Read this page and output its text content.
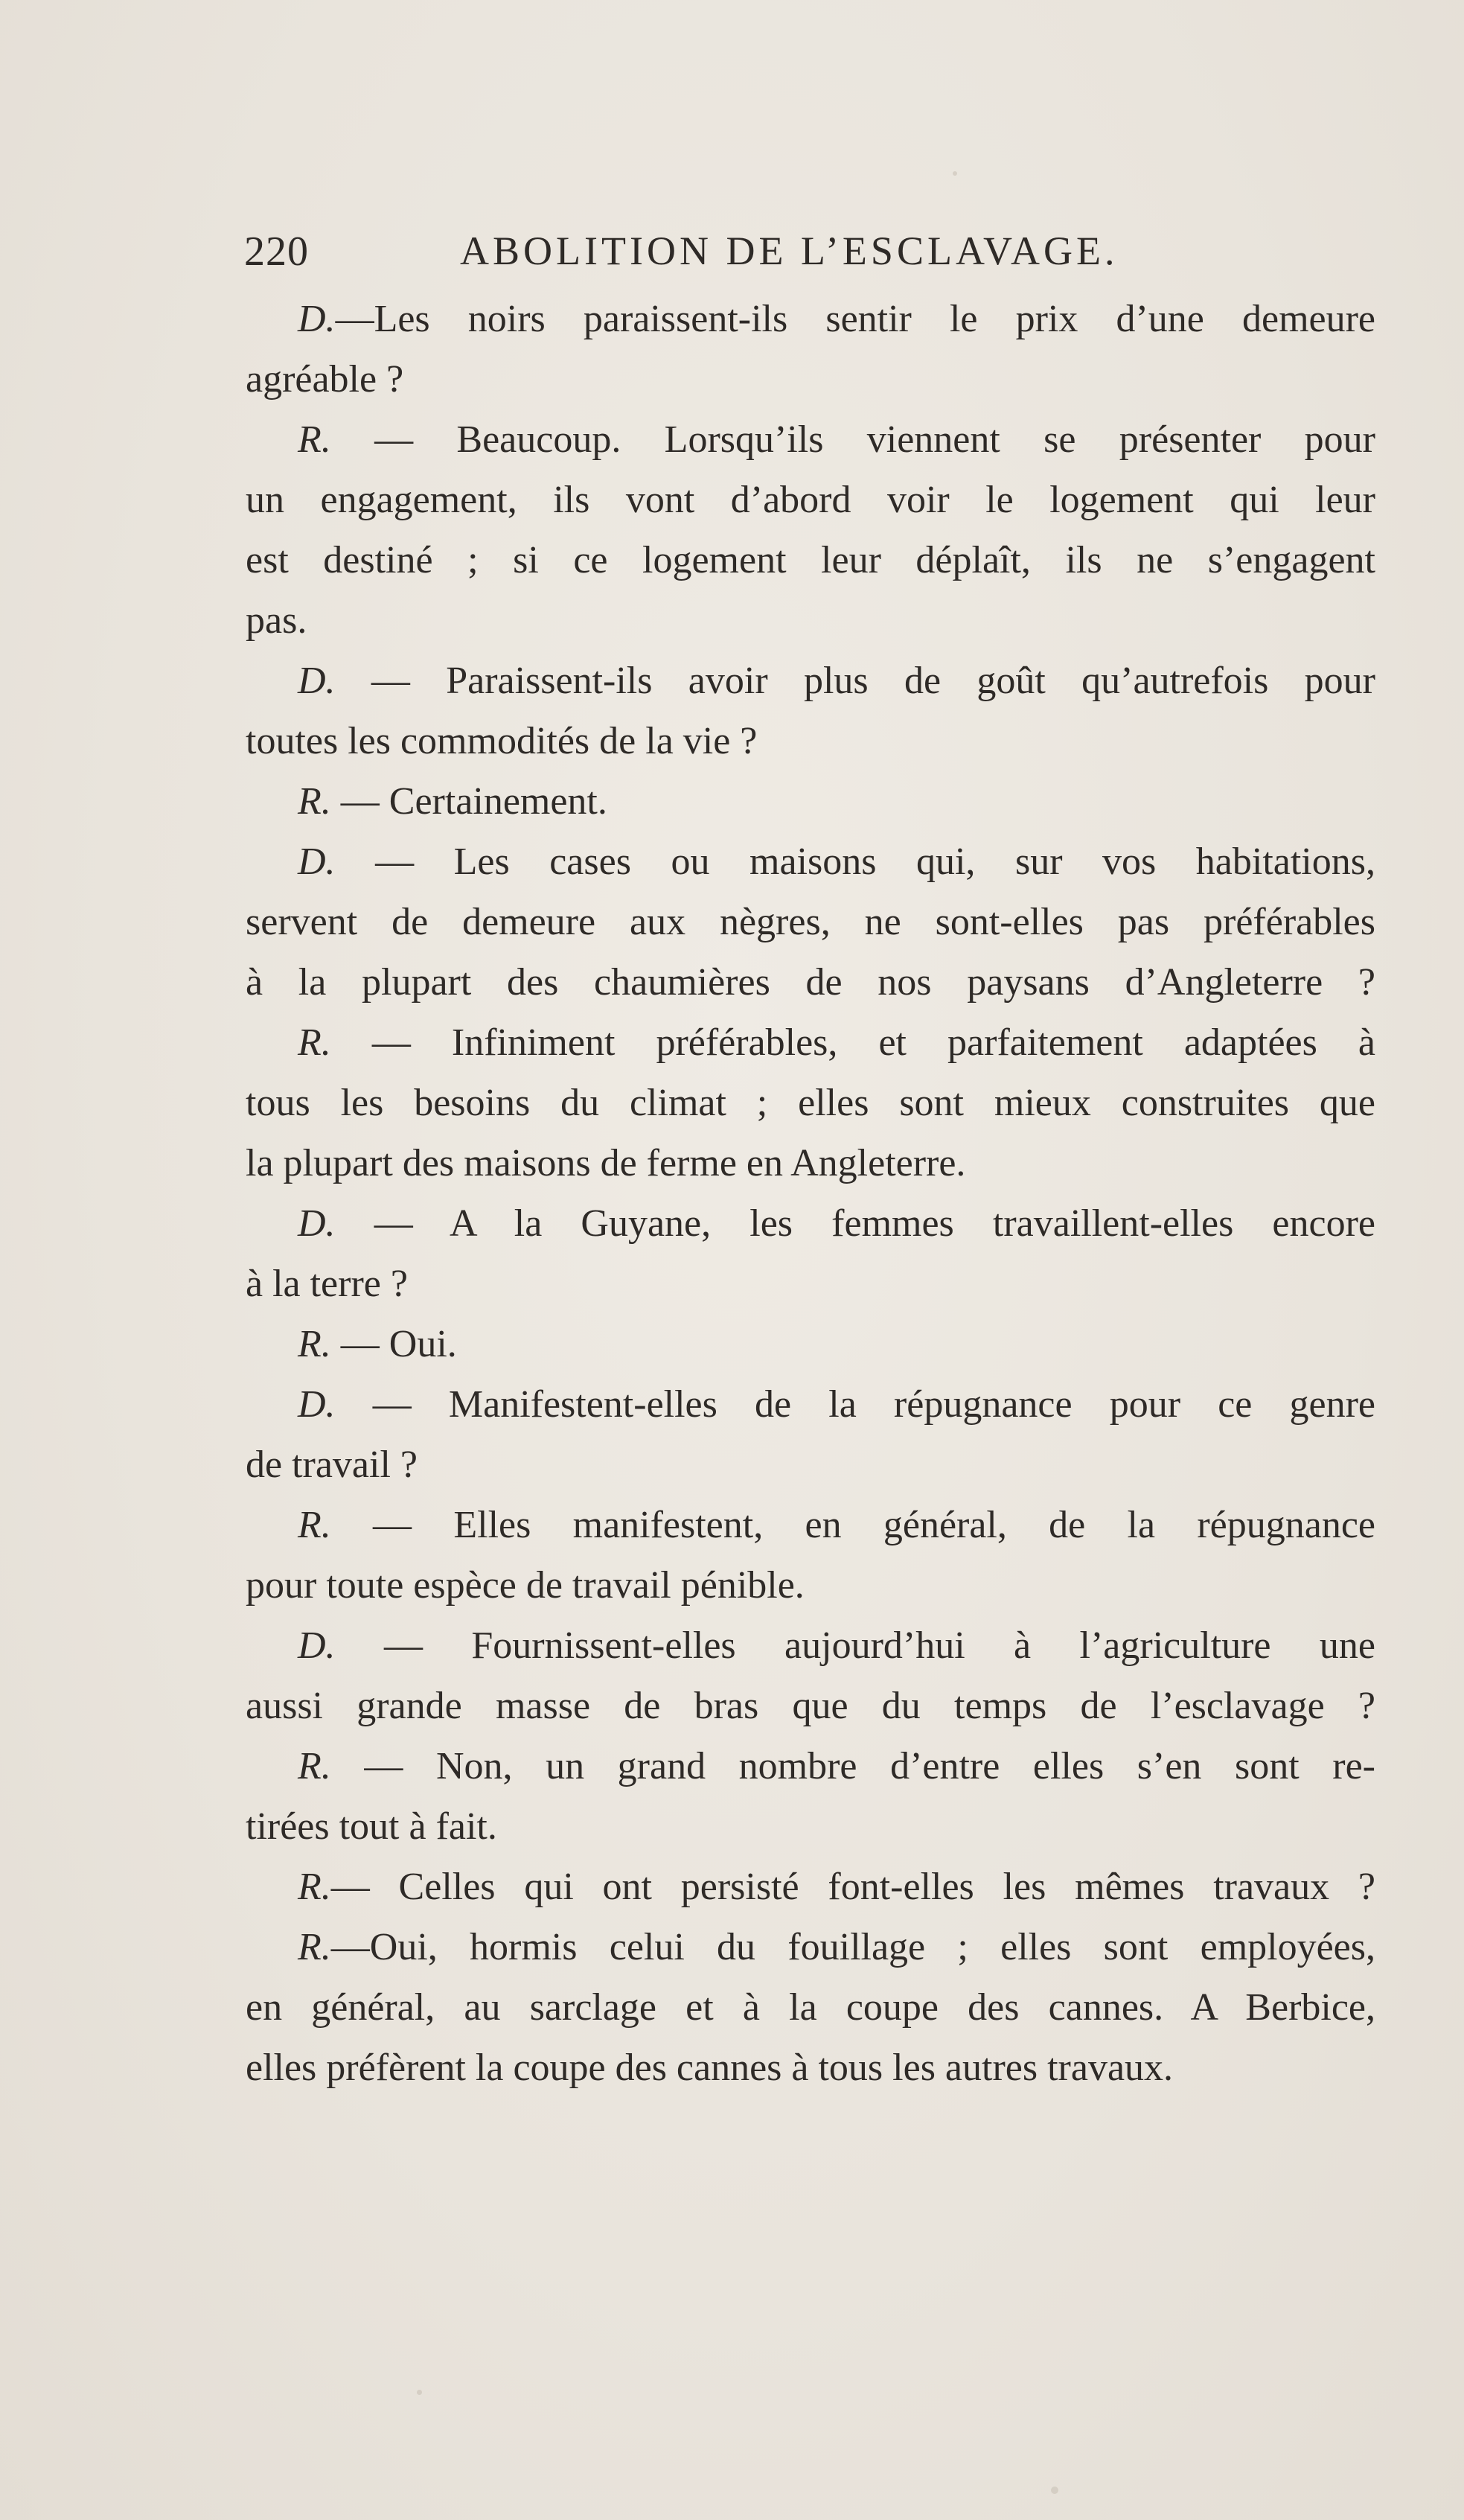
220	ABOLITION DE L’ESCLAVAGE.
D.—Les noirs paraissent-ils sentir le prix d’une demeure
agréable ?
R. — Beaucoup. Lorsqu’ils viennent se présenter pour
un engagement, ils vont d’abord voir le logement qui leur
est destiné ; si ce logement leur déplaît, ils ne s’engagent
pas.
D. — Paraissent-ils avoir plus de goût qu’autrefois pour
toutes les commodités de la vie ?
R. — Certainement.
D. — Les cases ou maisons qui, sur vos habitations,
servent de demeure aux nègres, ne sont-elles pas préférables
à la plupart des chaumières de nos paysans d’Angleterre ?
R. — Infiniment préférables, et parfaitement adaptées à
tous les besoins du climat ; elles sont mieux construites que
la plupart des maisons de ferme en Angleterre.
D. — A la Guyane, les femmes travaillent-elles encore
à la terre ?
R. — Oui.
D. — Manifestent-elles de la répugnance pour ce genre
de travail ?
R. — Elles manifestent, en général, de la répugnance
pour toute espèce de travail pénible.
D. — Fournissent-elles aujourd’hui à l’agriculture une
aussi grande masse de bras que du temps de l’esclavage ?
R. — Non, un grand nombre d’entre elles s’en sont re-
tirées tout à fait.
R.— Celles qui ont persisté font-elles les mêmes travaux ?
R.—Oui, hormis celui du fouillage ; elles sont employées,
en général, au sarclage et à la coupe des cannes. A Berbice,
elles préfèrent la coupe des cannes à tous les autres travaux.
